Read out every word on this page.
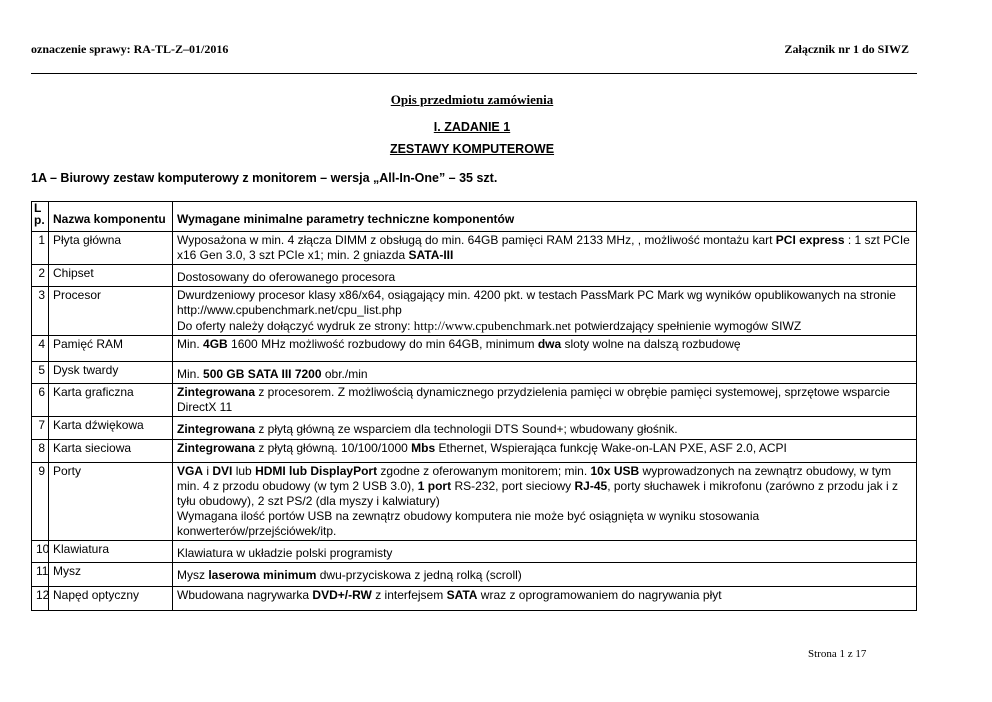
oznaczenie sprawy: RA-TL-Z–01/2016	Załącznik nr 1 do SIWZ
Opis przedmiotu zamówienia
I. ZADANIE 1
ZESTAWY KOMPUTEROWE
1A – Biurowy zestaw komputerowy z monitorem – wersja „All-In-One” – 35 szt.
Lp.	Nazwa komponentu	Wymagane minimalne parametry techniczne komponentów
1	Płyta główna	Wyposażona w min. 4 złącza DIMM z obsługą do min. 64GB pamięci RAM 2133 MHz, , możliwość montażu kart PCI express : 1 szt PCIe x16 Gen 3.0, 3 szt PCIe x1; min. 2 gniazda SATA-III
2	Chipset	Dostosowany do oferowanego procesora
3	Procesor	Dwurdzeniowy procesor klasy x86/x64, osiągający min. 4200 pkt. w testach PassMark PC Mark wg wyników opublikowanych na stronie http://www.cpubenchmark.net/cpu_list.php
Do oferty należy dołączyć wydruk ze strony: http://www.cpubenchmark.net potwierdzający spełnienie wymogów SIWZ
4	Pamięć RAM	Min. 4GB 1600 MHz możliwość rozbudowy do min 64GB, minimum dwa sloty wolne na dalszą rozbudowę
5	Dysk twardy	Min. 500 GB SATA III 7200 obr./min
6	Karta graficzna	Zintegrowana z procesorem. Z możliwością dynamicznego przydzielenia pamięci w obrębie pamięci systemowej, sprzętowe wsparcie DirectX 11
7	Karta dźwiękowa	Zintegrowana z płytą główną ze wsparciem dla technologii DTS Sound+; wbudowany głośnik.
8	Karta sieciowa	Zintegrowana z płytą główną. 10/100/1000 Mbs Ethernet, Wspierająca funkcję Wake-on-LAN PXE, ASF 2.0, ACPI
9	Porty	VGA i DVI lub HDMI lub DisplayPort zgodne z oferowanym monitorem; min. 10x USB wyprowadzonych na zewnątrz obudowy, w tym min. 4 z przodu obudowy (w tym 2 USB 3.0), 1 port RS-232, port sieciowy RJ-45, porty słuchawek i mikrofonu (zarówno z przodu jak i z tyłu obudowy), 2 szt PS/2 (dla myszy i kalwiatury)
Wymagana ilość portów USB na zewnątrz obudowy komputera nie może być osiągnięta w wyniku stosowania konwerterów/przejściówek/itp.
10	Klawiatura	Klawiatura w układzie polski programisty
11	Mysz	Mysz laserowa minimum dwu-przyciskowa z jedną rolką (scroll)
12	Napęd optyczny	Wbudowana nagrywarka DVD+/-RW z interfejsem SATA wraz z oprogramowaniem do nagrywania płyt
Strona 1 z 17
